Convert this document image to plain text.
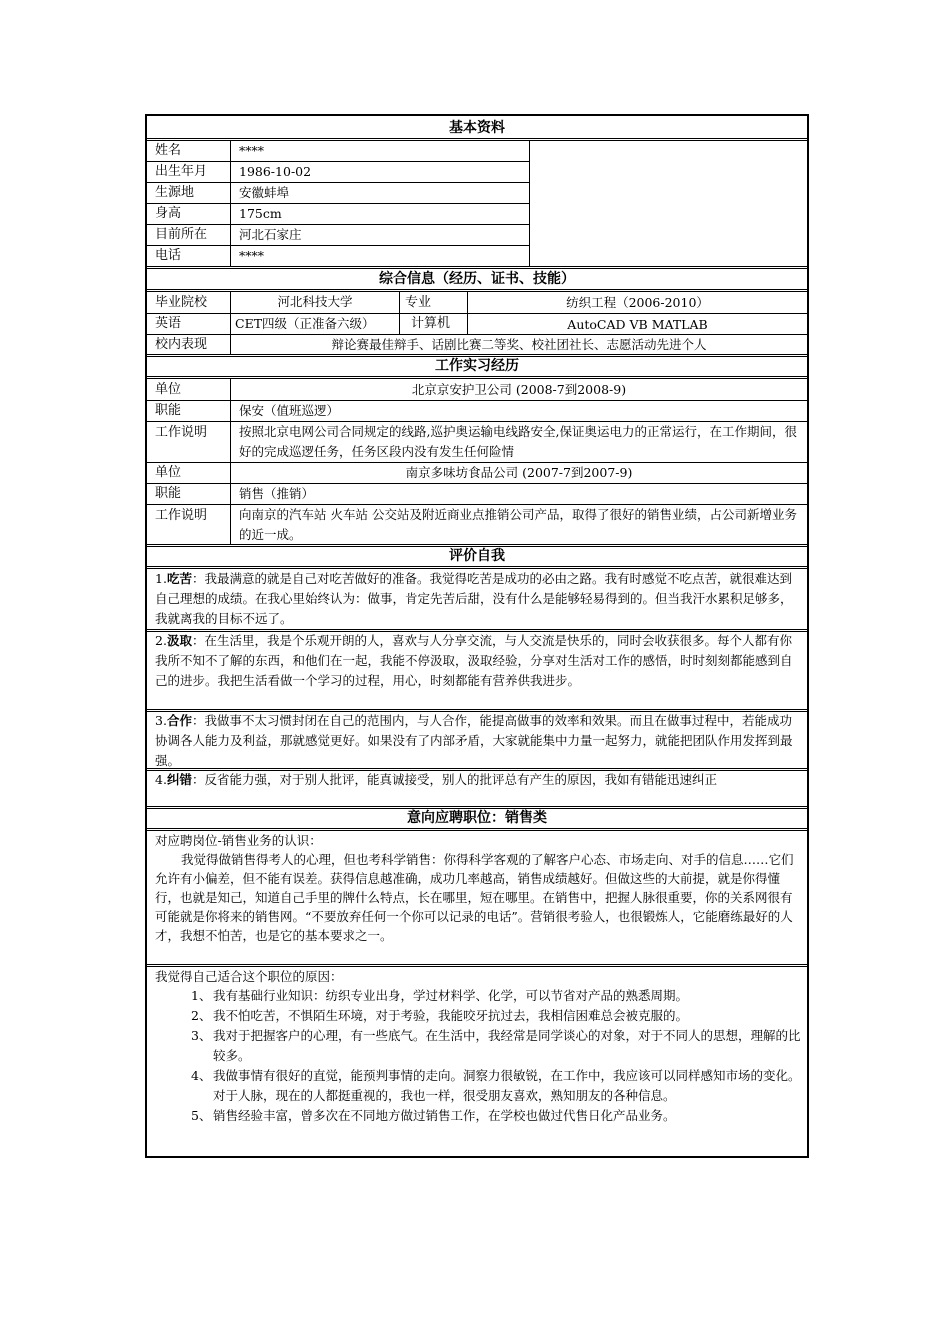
基本资料
姓名	****
出生年月	1986-10-02
生源地	安徽蚌埠
身高	175cm
目前所在	河北石家庄
电话	****
综合信息（经历、证书、技能）
毕业院校	河北科技大学	专业	纺织工程（2006-2010）
英语	CET四级（正准备六级）	计算机	AutoCAD VB MATLAB
校内表现	辩论赛最佳辩手、话剧比赛二等奖、校社团社长、志愿活动先进个人
工作实习经历
单位	北京京安护卫公司 (2008-7到2008-9)
职能	保安（值班巡逻）
工作说明	按照北京电网公司合同规定的线路,巡护奥运输电线路安全,保证奥运电力的正常运行，在工作期间，很好的完成巡逻任务，任务区段内没有发生任何险情
单位	南京多味坊食品公司 (2007-7到2007-9)
职能	销售（推销）
工作说明	向南京的汽车站 火车站 公交站及附近商业点推销公司产品，取得了很好的销售业绩，占公司新增业务的近一成。
评价自我
1.吃苦：我最满意的就是自己对吃苦做好的准备。我觉得吃苦是成功的必由之路。我有时感觉不吃点苦，就很难达到自己理想的成绩。在我心里始终认为：做事，肯定先苦后甜，没有什么是能够轻易得到的。但当我汗水累积足够多，我就离我的目标不远了。
2.汲取：在生活里，我是个乐观开朗的人，喜欢与人分享交流，与人交流是快乐的，同时会收获很多。每个人都有你我所不知不了解的东西，和他们在一起，我能不停汲取，汲取经验，分享对生活对工作的感悟，时时刻刻都能感到自己的进步。我把生活看做一个学习的过程，用心，时刻都能有营养供我进步。
3.合作：我做事不太习惯封闭在自己的范围内，与人合作，能提高做事的效率和效果。而且在做事过程中，若能成功协调各人能力及利益，那就感觉更好。如果没有了内部矛盾，大家就能集中力量一起努力，就能把团队作用发挥到最强。
4.纠错：反省能力强，对于别人批评，能真诚接受，别人的批评总有产生的原因，我如有错能迅速纠正
意向应聘职位：销售类
对应聘岗位-销售业务的认识：
我觉得做销售得考人的心理，但也考科学销售：你得科学客观的了解客户心态、市场走向、对手的信息……它们允许有小偏差，但不能有误差。获得信息越准确，成功几率越高，销售成绩越好。但做这些的大前提，就是你得懂行，也就是知己，知道自己手里的牌什么特点，长在哪里，短在哪里。在销售中，把握人脉很重要，你的关系网很有可能就是你将来的销售网。“不要放弃任何一个你可以记录的电话”。营销很考验人，也很锻炼人，它能磨练最好的人才，我想不怕苦，也是它的基本要求之一。
我觉得自己适合这个职位的原因：
1、 我有基础行业知识：纺织专业出身，学过材料学、化学，可以节省对产品的熟悉周期。
2、 我不怕吃苦，不惧陌生环境，对于考验，我能咬牙抗过去，我相信困难总会被克服的。
3、 我对于把握客户的心理，有一些底气。在生活中，我经常是同学谈心的对象，对于不同人的思想，理解的比较多。
4、 我做事情有很好的直觉，能预判事情的走向。洞察力很敏锐，在工作中，我应该可以同样感知市场的变化。对于人脉，现在的人都挺重视的，我也一样，很受朋友喜欢，熟知朋友的各种信息。
5、 销售经验丰富，曾多次在不同地方做过销售工作，在学校也做过代售日化产品业务。
